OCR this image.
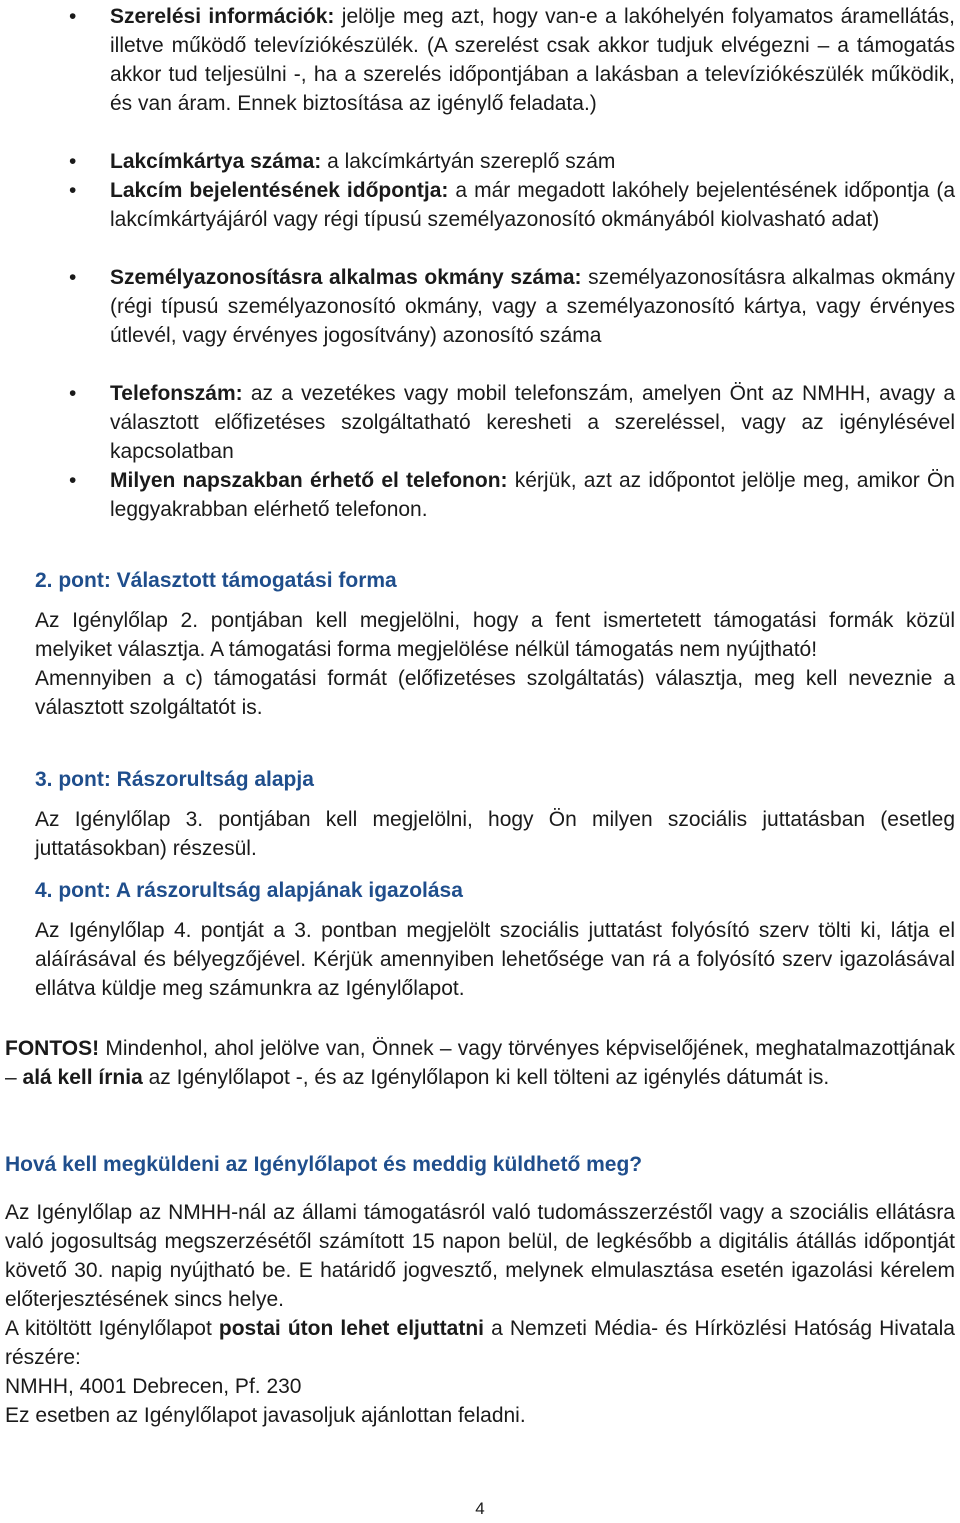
• Szerelési információk: jelölje meg azt, hogy van-e a lakóhelyén folyamatos áramellátás, illetve működő televíziókészülék. (A szerelést csak akkor tudjuk elvégezni – a támogatás akkor tud teljesülni -, ha a szerelés időpontjában a lakásban a televíziókészülék működik, és van áram. Ennek biztosítása az igénylő feladata.)
• Lakcímkártya száma: a lakcímkártyán szereplő szám
• Lakcím bejelentésének időpontja: a már megadott lakóhely bejelentésének időpontja (a lakcímkártyájáról vagy régi típusú személyazonosító okmányából kiolvasható adat)
• Személyazonosításra alkalmas okmány száma: személyazonosításra alkalmas okmány (régi típusú személyazonosító okmány, vagy a személyazonosító kártya, vagy érvényes útlevél, vagy érvényes jogosítvány) azonosító száma
• Telefonszám: az a vezetékes vagy mobil telefonszám, amelyen Önt az NMHH, avagy a választott előfizetéses szolgáltatható keresheti a szereléssel, vagy az igénylésével kapcsolatban
• Milyen napszakban érhető el telefonon: kérjük, azt az időpontot jelölje meg, amikor Ön leggyakrabban elérhető telefonon.
2. pont: Választott támogatási forma

Az Igénylőlap 2. pontjában kell megjelölni, hogy a fent ismertetett támogatási formák közül melyiket választja. A támogatási forma megjelölése nélkül támogatás nem nyújtható!

Amennyiben a c) támogatási formát (előfizetéses szolgáltatás) választja, meg kell neveznie a választott szolgáltatót is.

3. pont: Rászorultság alapja

Az Igénylőlap 3. pontjában kell megjelölni, hogy Ön milyen szociális juttatásban (esetleg juttatásokban) részesül.

4. pont: A rászorultság alapjának igazolása

Az Igénylőlap 4. pontját a 3. pontban megjelölt szociális juttatást folyósító szerv tölti ki, látja el aláírásával és bélyegzőjével. Kérjük amennyiben lehetősége van rá a folyósító szerv igazolásával ellátva küldje meg számunkra az Igénylőlapot.

FONTOS! Mindenhol, ahol jelölve van, Önnek – vagy törvényes képviselőjének, meghatalmazottjának – alá kell írnia az Igénylőlapot -, és az Igénylőlapon ki kell tölteni az igénylés dátumát is.

Hová kell megküldeni az Igénylőlapot és meddig küldhető meg?

Az Igénylőlap az NMHH-nál az állami támogatásról való tudomásszerzéstől vagy a szociális ellátásra való jogosultság megszerzésétől számított 15 napon belül, de legkésőbb a digitális átállás időpontját követő 30. napig nyújtható be. E határidő jogvesztő, melynek elmulasztása esetén igazolási kérelem előterjesztésének sincs helye.

A kitöltött Igénylőlapot postai úton lehet eljuttatni a Nemzeti Média- és Hírközlési Hatóság Hivatala részére:

NMHH, 4001 Debrecen, Pf. 230

Ez esetben az Igénylőlapot javasoljuk ajánlottan feladni.

4
